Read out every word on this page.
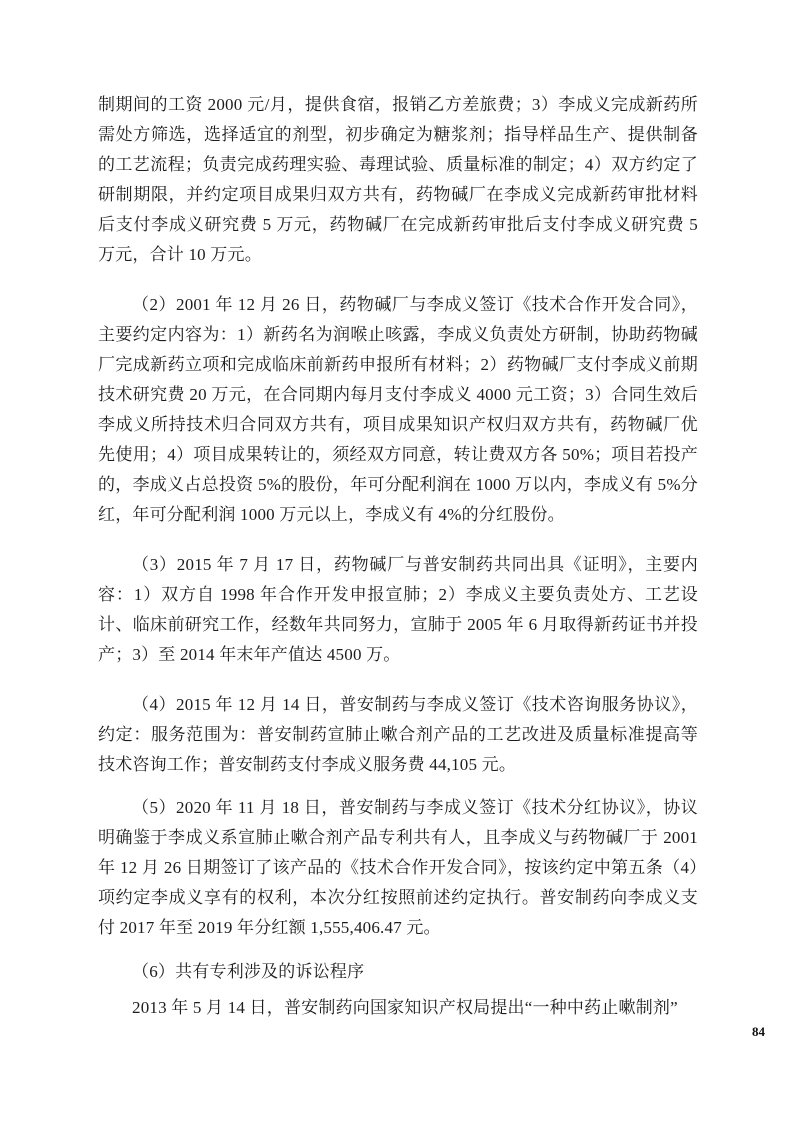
制期间的工资 2000 元/月，提供食宿，报销乙方差旅费；3）李成义完成新药所需处方筛选，选择适宜的剂型，初步确定为糖浆剂；指导样品生产、提供制备的工艺流程；负责完成药理实验、毒理试验、质量标准的制定；4）双方约定了研制期限，并约定项目成果归双方共有，药物碱厂在李成义完成新药审批材料后支付李成义研究费 5 万元，药物碱厂在完成新药审批后支付李成义研究费 5 万元，合计 10 万元。

（2）2001 年 12 月 26 日，药物碱厂与李成义签订《技术合作开发合同》，主要约定内容为：1）新药名为润喉止咳露，李成义负责处方研制，协助药物碱厂完成新药立项和完成临床前新药申报所有材料；2）药物碱厂支付李成义前期技术研究费 20 万元，在合同期内每月支付李成义 4000 元工资；3）合同生效后李成义所持技术归合同双方共有，项目成果知识产权归双方共有，药物碱厂优先使用；4）项目成果转让的，须经双方同意，转让费双方各 50%；项目若投产的，李成义占总投资 5%的股份，年可分配利润在 1000 万以内，李成义有 5%分红，年可分配利润 1000 万元以上，李成义有 4%的分红股份。

（3）2015 年 7 月 17 日，药物碱厂与普安制药共同出具《证明》，主要内容：1）双方自 1998 年合作开发申报宣肺；2）李成义主要负责处方、工艺设计、临床前研究工作，经数年共同努力，宣肺于 2005 年 6 月取得新药证书并投产；3）至 2014 年末年产值达 4500 万。

（4）2015 年 12 月 14 日，普安制药与李成义签订《技术咨询服务协议》，约定：服务范围为：普安制药宣肺止嗽合剂产品的工艺改进及质量标准提高等技术咨询工作；普安制药支付李成义服务费 44,105 元。

（5）2020 年 11 月 18 日，普安制药与李成义签订《技术分红协议》，协议明确鉴于李成义系宣肺止嗽合剂产品专利共有人，且李成义与药物碱厂于 2001 年 12 月 26 日期签订了该产品的《技术合作开发合同》，按该约定中第五条（4）项约定李成义享有的权利，本次分红按照前述约定执行。普安制药向李成义支付 2017 年至 2019 年分红额 1,555,406.47 元。

（6）共有专利涉及的诉讼程序

2013 年 5 月 14 日，普安制药向国家知识产权局提出“一种中药止嗽制剂”

84
